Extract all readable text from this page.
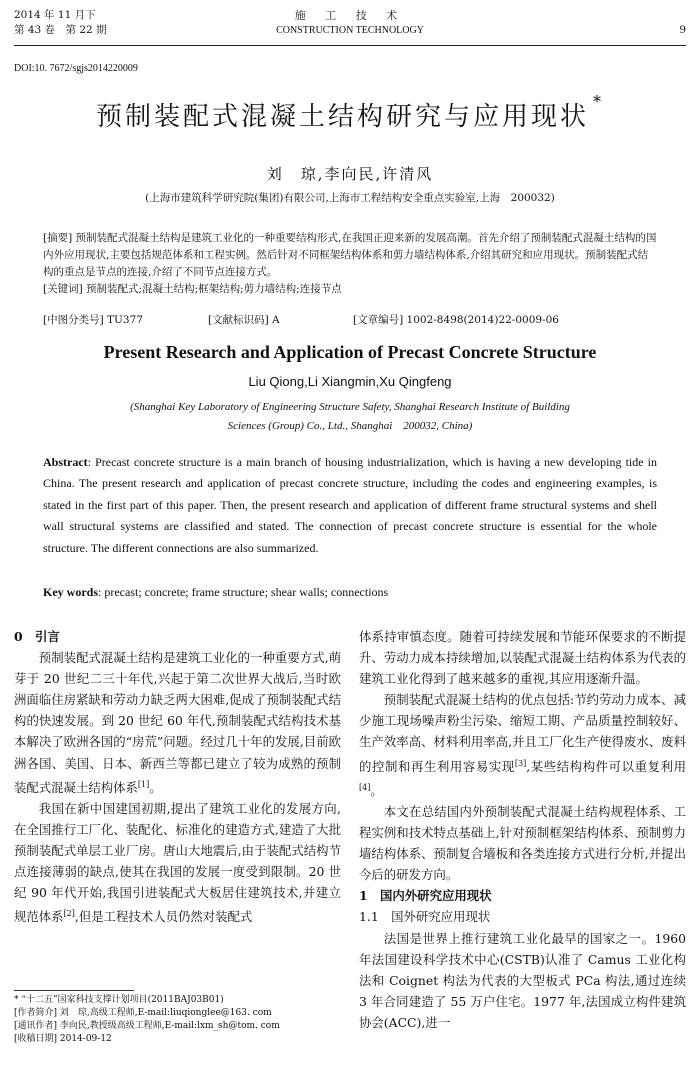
2014 年 11 月下
第 43 卷　第 22 期
施 工 技 术
CONSTRUCTION TECHNOLOGY	9
DOI:10. 7672/sgjs2014220009
预制装配式混凝土结构研究与应用现状*
刘　琼,李向民,许清风
(上海市建筑科学研究院(集团)有限公司,上海市工程结构安全重点实验室,上海　200032)

[摘要] 预制装配式混凝土结构是建筑工业化的一种重要结构形式,在我国正迎来新的发展高潮。首先介绍了预制装配式混凝土结构的国内外应用现状,主要包括规范体系和工程实例。然后针对不同框架结构体系和剪力墙结构体系,介绍其研究和应用现状。预制装配式结构的重点是节点的连接,介绍了不同节点连接方式。

[关键词] 预制装配式;混凝土结构;框架结构;剪力墙结构;连接节点

[中图分类号] TU377	[文献标识码] A	[文章编号] 1002-8498(2014)22-0009-06
Present Research and Application of Precast Concrete Structure
Liu Qiong,Li Xiangmin,Xu Qingfeng
(Shanghai Key Laboratory of Engineering Structure Safety, Shanghai Research Institute of Building Sciences (Group) Co., Ltd., Shanghai　200032, China)
Abstract: Precast concrete structure is a main branch of housing industrialization, which is having a new developing tide in China. The present research and application of precast concrete structure, including the codes and engineering examples, is stated in the first part of this paper. Then, the present research and application of different frame structural systems and shell wall structural systems are classified and stated. The connection of precast concrete structure is essential for the whole structure. The different connections are also summarized.
Key words: precast; concrete; frame structure; shear walls; connections

0　引言

预制装配式混凝土结构是建筑工业化的一种重要方式,萌芽于 20 世纪二三十年代,兴起于第二次世界大战后,当时欧洲面临住房紧缺和劳动力缺乏两大困难,促成了预制装配式结构的快速发展。到 20 世纪 60 年代,预制装配式结构技术基本解决了欧洲各国的“房荒”问题。经过几十年的发展,目前欧洲各国、美国、日本、新西兰等都已建立了较为成熟的预制装配式混凝土结构体系[1]。

我国在新中国建国初期,提出了建筑工业化的发展方向,在全国推行工厂化、装配化、标准化的建造方式,建造了大批预制装配式单层工业厂房。唐山大地震后,由于装配式结构节点连接薄弱的缺点,使其在我国的发展一度受到限制。20 世纪 90 年代开始,我国引进装配式大板居住建筑技术,并建立规范体系[2],但是工程技术人员仍然对装配式

体系持审慎态度。随着可持续发展和节能环保要求的不断提升、劳动力成本持续增加,以装配式混凝土结构体系为代表的建筑工业化得到了越来越多的重视,其应用逐渐升温。

预制装配式混凝土结构的优点包括:节约劳动力成本、减少施工现场噪声粉尘污染、缩短工期、产品质量控制较好、生产效率高、材料利用率高,并且工厂化生产使得废水、废料的控制和再生利用容易实现[3],某些结构构件可以重复利用[4]。

本文在总结国内外预制装配式混凝土结构规程体系、工程实例和技术特点基础上,针对预制框架结构体系、预制剪力墙结构体系、预制复合墙板和各类连接方式进行分析,并提出今后的研发方向。

1　国内外研究应用现状

1.1　国外研究应用现状

法国是世界上推行建筑工业化最早的国家之一。1960 年法国建设科学技术中心(CSTB)认准了 Camus 工业化构法和 Coignet 构法为代表的大型板式 PCa 构法,通过连续 3 年合同建造了 55 万户住宅。1977 年,法国成立构件建筑协会(ACC),进一

* “十二五”国家科技支撑计划项目(2011BAJ03B01)
[作者简介] 刘　琼,高级工程师,E-mail:liuqionglee@163. com
[通讯作者] 李向民,教授级高级工程师,E-mail:lxm_sh@tom. com
[收稿日期] 2014-09-12
